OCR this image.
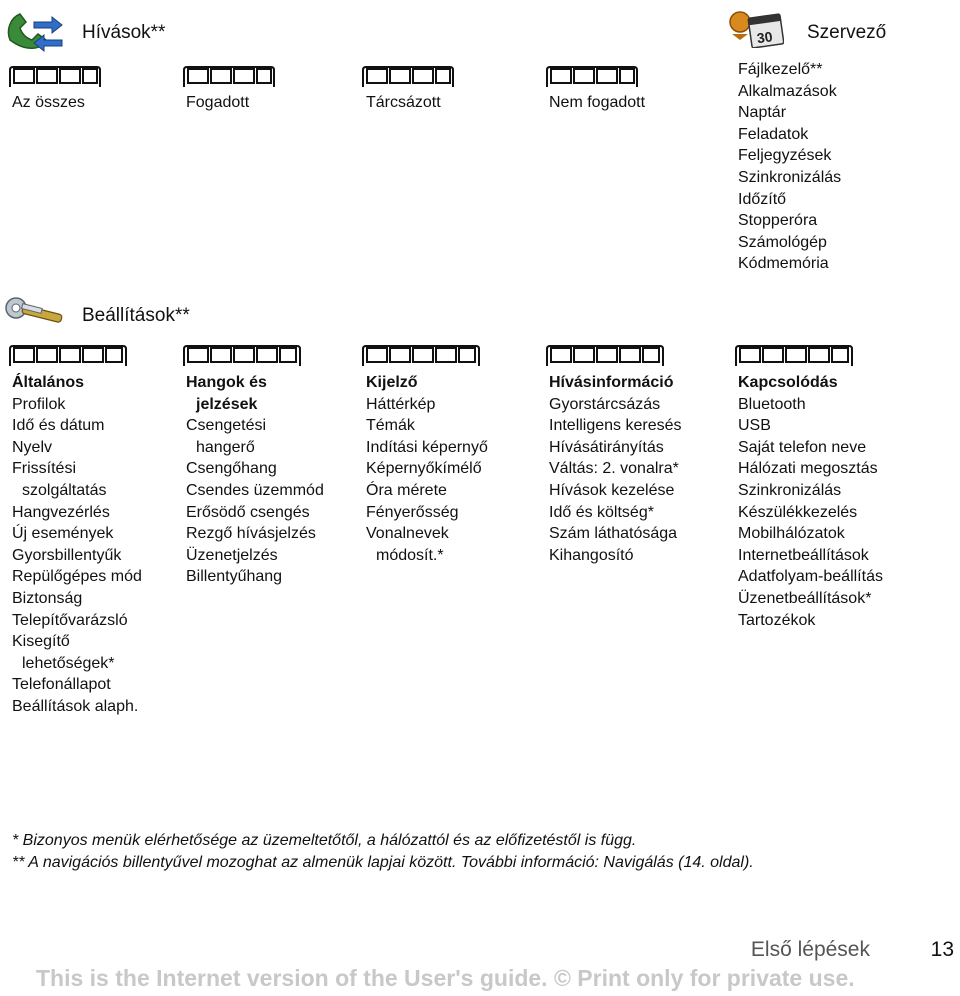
Hívások**
Az összes	Fogadott	Tárcsázott	Nem fogadott
30 Szervező
Fájlkezelő**
Alkalmazások
Naptár
Feladatok
Feljegyzések
Szinkronizálás
Időzítő
Stopperóra
Számológép
Kódmemória
Beállítások**
Általános
Profilok
Idő és dátum
Nyelv
Frissítési
szolgáltatás
Hangvezérlés
Új események
Gyorsbillentyűk
Repülőgépes mód
Biztonság
Telepítővarázsló
Kisegítő
lehetőségek*
Telefonállapot
Beállítások alaph.
Hangok és
jelzések
Csengetési
hangerő
Csengőhang
Csendes üzemmód
Erősödő csengés
Rezgő hívásjelzés
Üzenetjelzés
Billentyűhang
Kijelző
Háttérkép
Témák
Indítási képernyő
Képernyőkímélő
Óra mérete
Fényerősség
Vonalnevek
módosít.*
Hívásinformáció
Gyorstárcsázás
Intelligens keresés
Hívásátirányítás
Váltás: 2. vonalra*
Hívások kezelése
Idő és költség*
Szám láthatósága
Kihangosító
Kapcsolódás
Bluetooth
USB
Saját telefon neve
Hálózati megosztás
Szinkronizálás
Készülékkezelés
Mobilhálózatok
Internetbeállítások
Adatfolyam-beállítás
Üzenetbeállítások*
Tartozékok
* Bizonyos menük elérhetősége az üzemeltetőtől, a hálózattól és az előfizetéstől is függ.
** A navigációs billentyűvel mozoghat az almenük lapjai között. További információ: Navigálás (14. oldal).
Első lépések	13
This is the Internet version of the User's guide. © Print only for private use.
